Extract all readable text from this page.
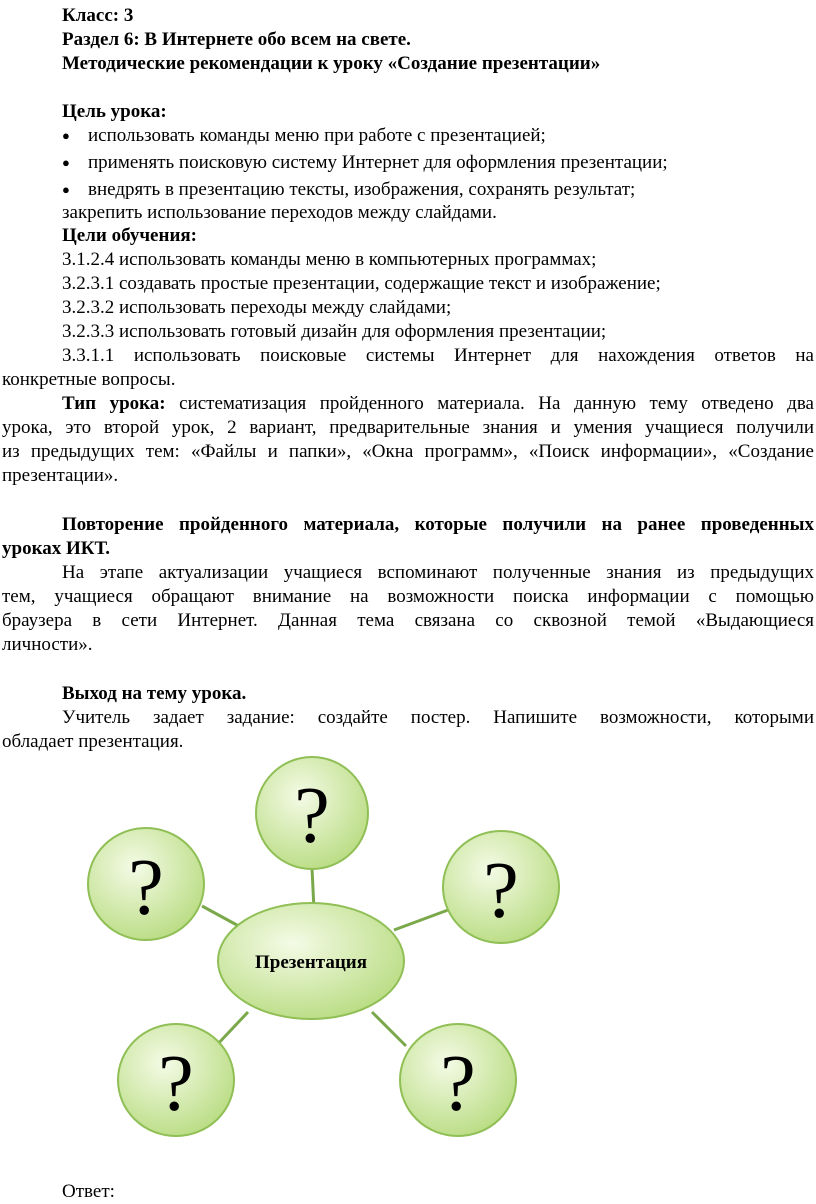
Класс: 3
Раздел 6: В Интернете обо всем на свете.
Методические рекомендации к уроку «Создание презентации»
Цель урока:
● использовать команды меню при работе с презентацией;
● применять поисковую систему Интернет для оформления презентации;
● внедрять в презентацию тексты, изображения, сохранять результат;
закрепить использование переходов между слайдами.
Цели обучения:
3.1.2.4 использовать команды меню в компьютерных программах;
3.2.3.1 создавать простые презентации, содержащие текст и изображение;
3.2.3.2 использовать переходы между слайдами;
3.2.3.3 использовать готовый дизайн для оформления презентации;
3.3.1.1 использовать поисковые системы Интернет для нахождения ответов на
конкретные вопросы.
Тип урока: систематизация пройденного материала. На данную тему отведено два
урока, это второй урок, 2 вариант, предварительные знания и умения учащиеся получили
из предыдущих тем: «Файлы и папки», «Окна программ», «Поиск информации», «Создание
презентации».
Повторение пройденного материала, которые получили на ранее проведенных
уроках ИКТ.
На этапе актуализации учащиеся вспоминают полученные знания из предыдущих
тем, учащиеся обращают внимание на возможности поиска информации с помощью
браузера в сети Интернет. Данная тема связана со сквозной темой «Выдающиеся
личности».
Выход на тему урока.
Учитель задает задание: создайте постер. Напишите возможности, которыми
обладает презентация.
Презентация
?
?	?
?	?
Ответ:
